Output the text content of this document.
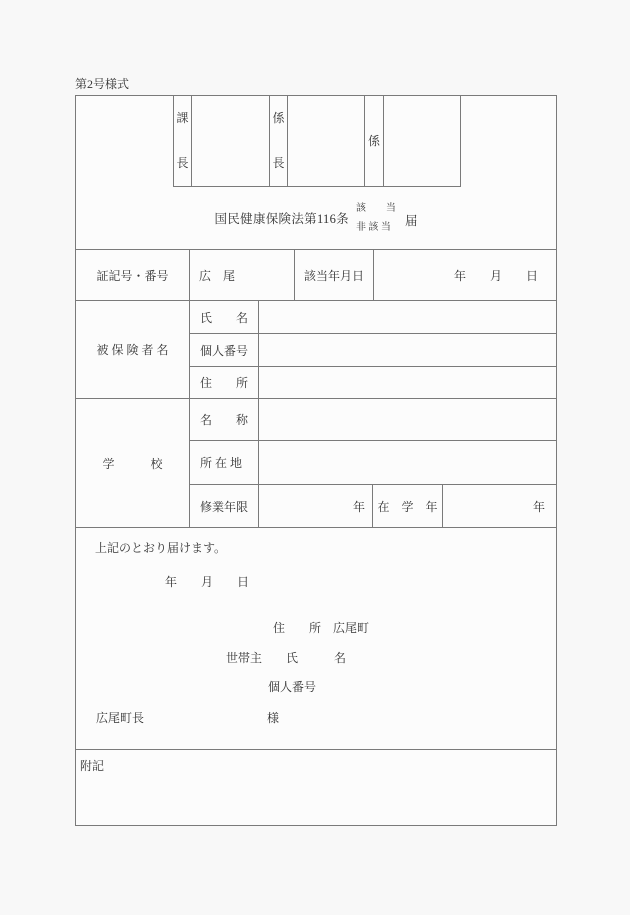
第2号様式
課
長
係
長
係
国民健康保険法第116条
該　　当
非 該 当	届
証記号・番号	広　尾	該当年月日	年　　月　　日
被 保 険 者 名
氏　　名
個人番号
住　　所
学　　　校
名　　称
所 在 地
修業年限	年	在　学　年	年
上記のとおり届けます。
年　　月　　日
住　　所　広尾町
世帯主　　氏　　　名
個人番号
広尾町長	様
附記
